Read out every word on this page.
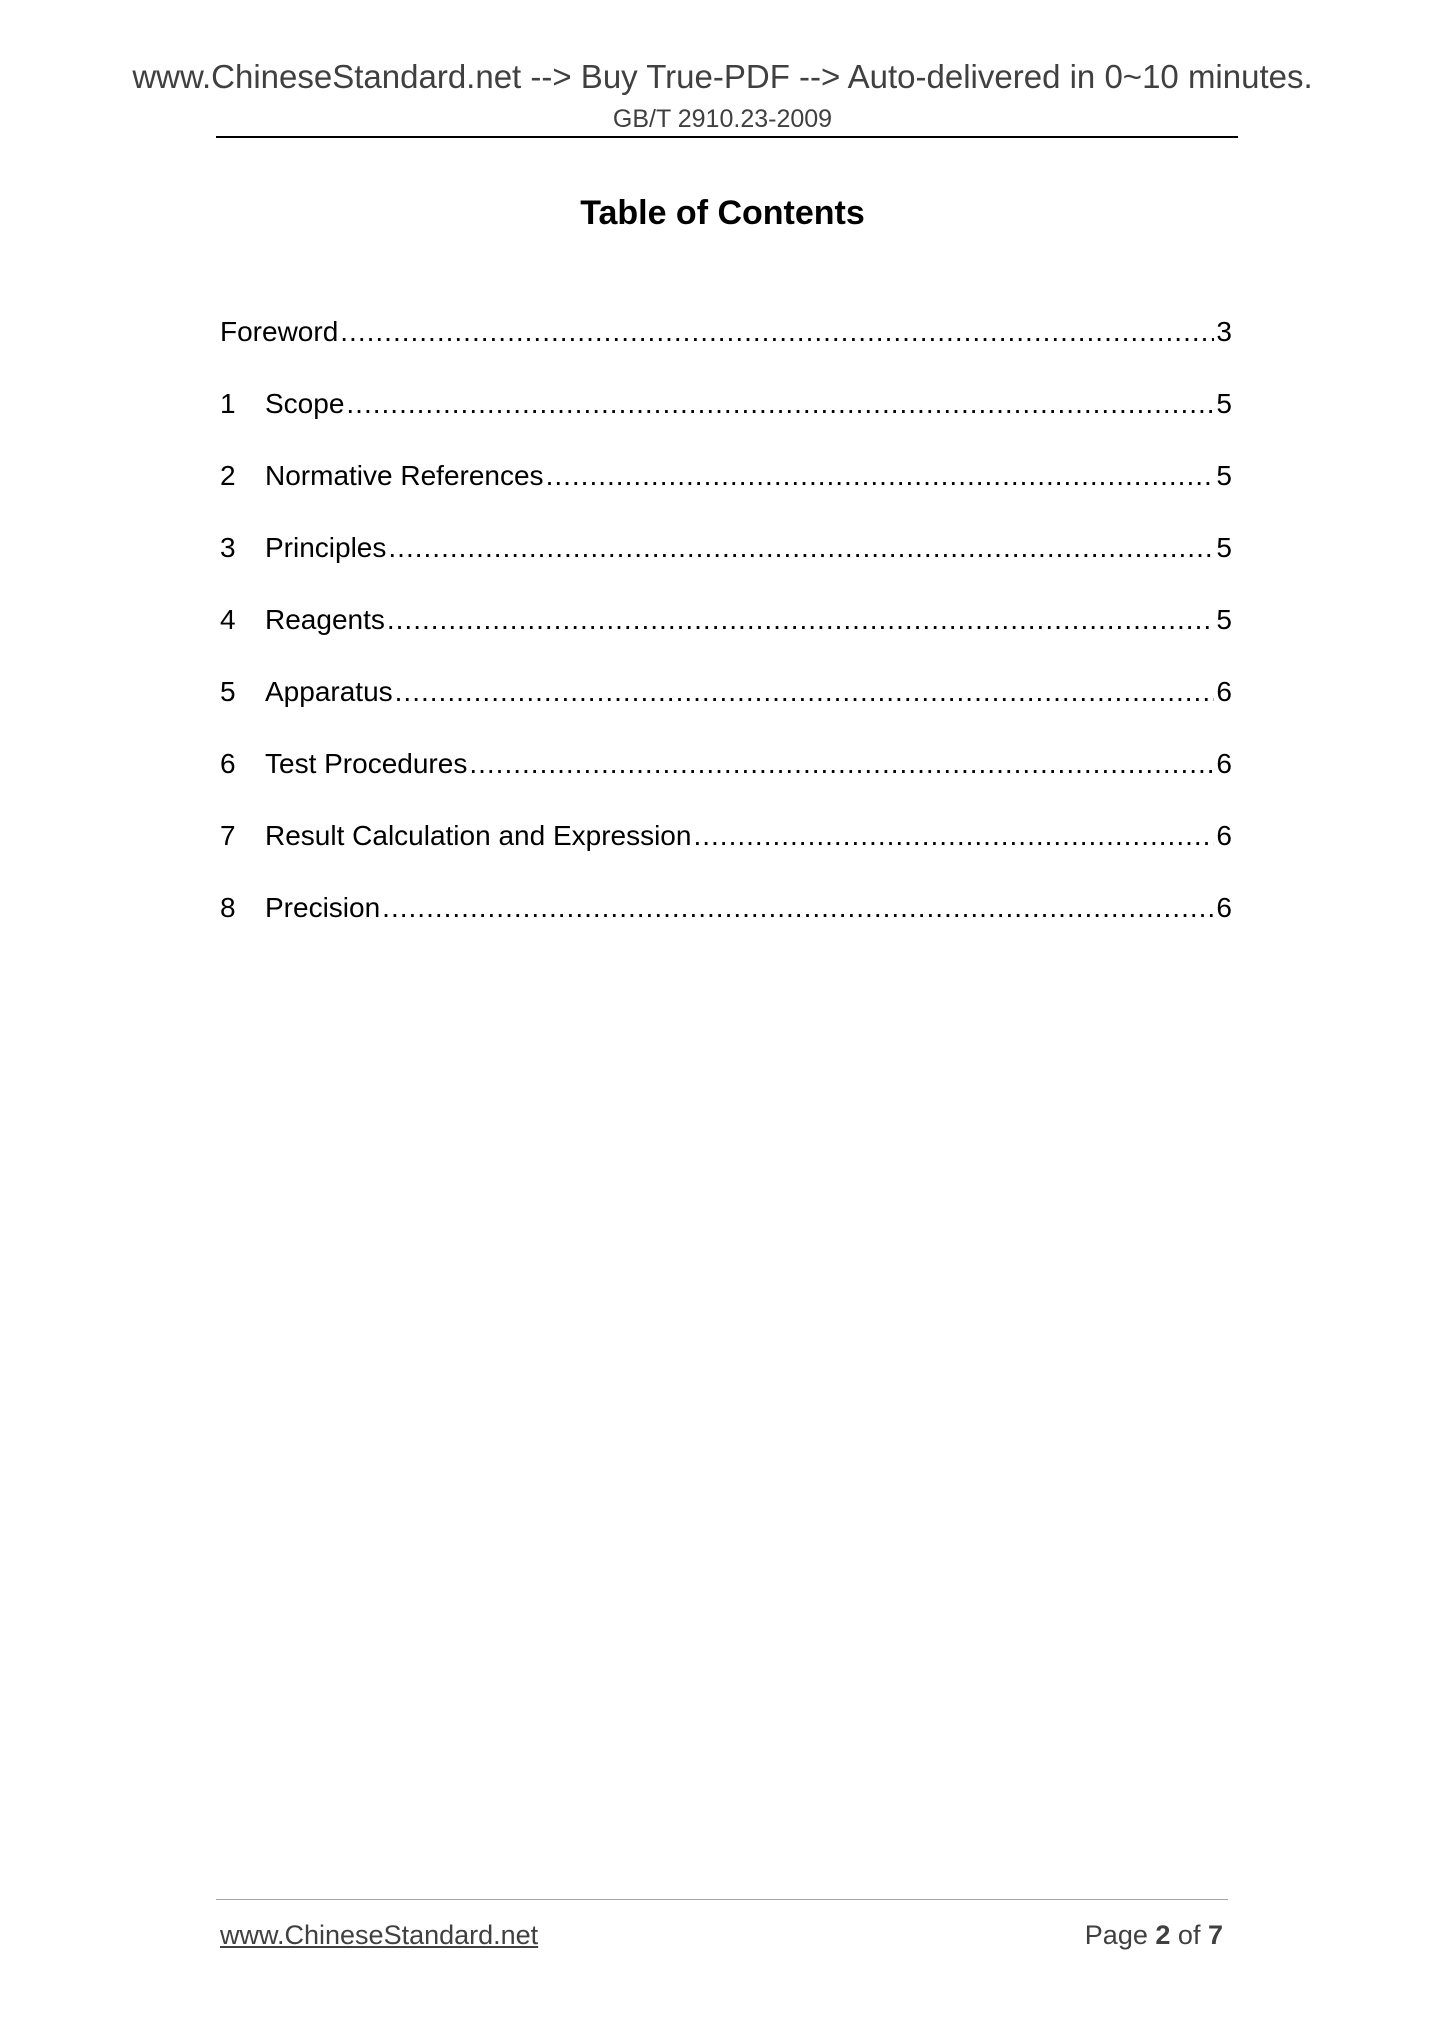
www.ChineseStandard.net --> Buy True-PDF --> Auto-delivered in 0~10 minutes.
GB/T 2910.23-2009
Table of Contents
Foreword .....	3
1	Scope .....	5
2	Normative References .....	5
3	Principles .....	5
4	Reagents .....	5
5	Apparatus .....	6
6	Test Procedures .....	6
7	Result Calculation and Expression .....	6
8	Precision .....	6
www.ChineseStandard.net	Page 2 of 7
